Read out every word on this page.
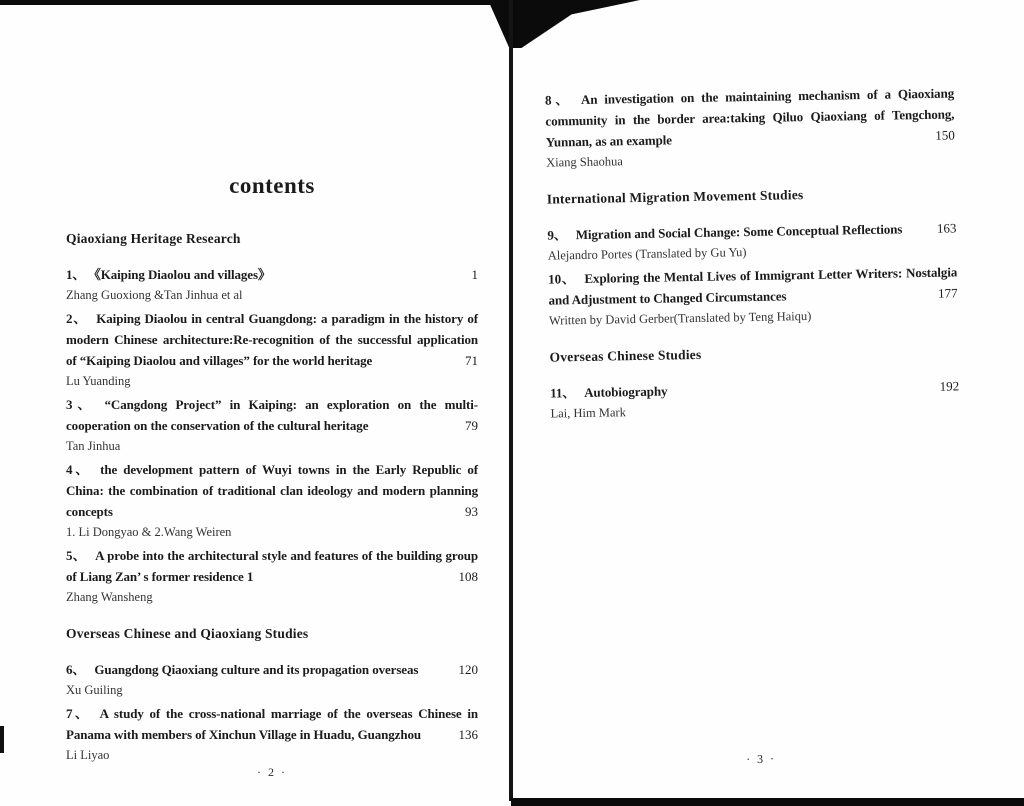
contents
Qiaoxiang Heritage Research
1、 《Kaiping Diaolou and villages》	1
Zhang Guoxiong &Tan Jinhua et al
2、 Kaiping Diaolou in central Guangdong: a paradigm in the history of modern Chinese architecture:Re-recognition of the successful application of “Kaiping Diaolou and villages” for the world heritage	71
Lu Yuanding
3、 “Cangdong Project” in Kaiping: an exploration on the multi-cooperation on the conservation of the cultural heritage	79
Tan Jinhua
4、 the development pattern of Wuyi towns in the Early Republic of China: the combination of traditional clan ideology and modern planning concepts	93
1. Li Dongyao & 2.Wang Weiren
5、 A probe into the architectural style and features of the building group of Liang Zan’ s former residence 1	108
Zhang Wansheng
Overseas Chinese and Qiaoxiang Studies
6、 Guangdong Qiaoxiang culture and its propagation overseas	120
Xu Guiling
7、 A study of the cross-national marriage of the overseas Chinese in Panama with members of Xinchun Village in Huadu, Guangzhou	136
Li Liyao
· 2 ·
8、 An investigation on the maintaining mechanism of a Qiaoxiang community in the border area:taking Qiluo Qiaoxiang of Tengchong, Yunnan, as an example	150
Xiang Shaohua
International Migration Movement Studies
9、 Migration and Social Change: Some Conceptual Reflections	163
Alejandro Portes (Translated by Gu Yu)
10、 Exploring the Mental Lives of Immigrant Letter Writers: Nostalgia and Adjustment to Changed Circumstances	177
Written by David Gerber(Translated by Teng Haiqu)
Overseas Chinese Studies
11、 Autobiography	192
Lai, Him Mark
· 3 ·
